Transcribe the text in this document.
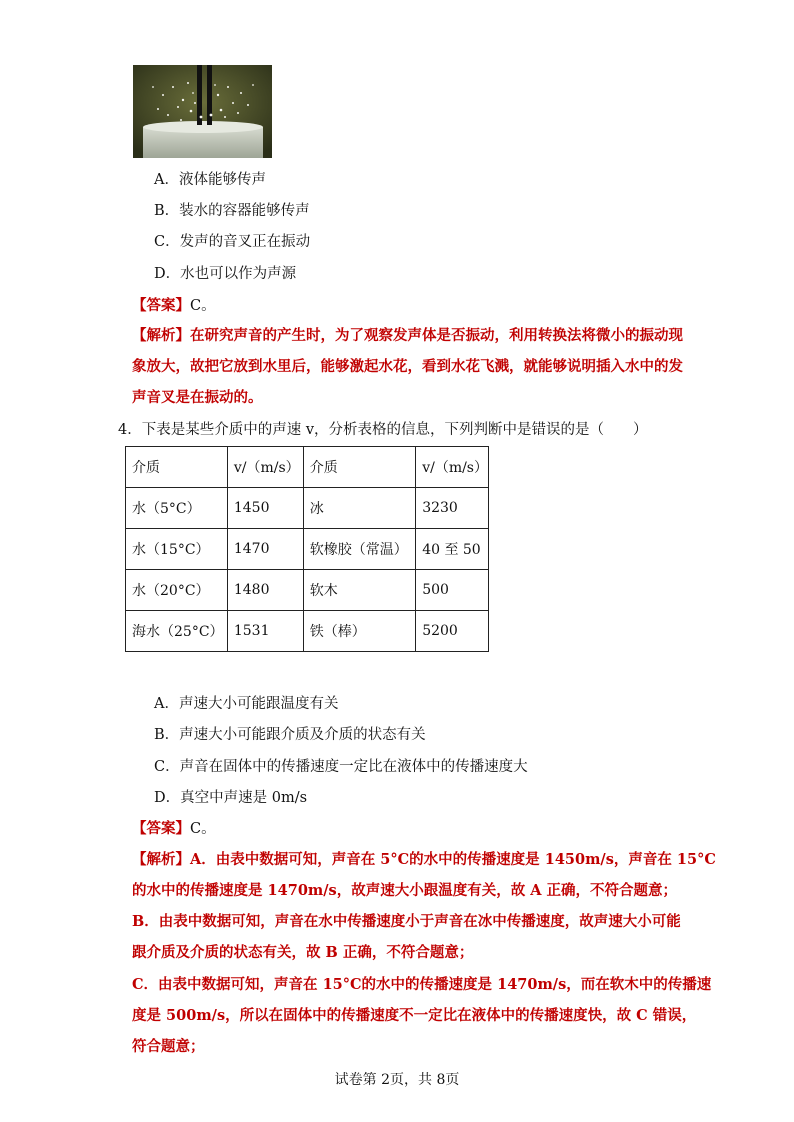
A．液体能够传声
B．装水的容器能够传声
C．发声的音叉正在振动
D．水也可以作为声源
【答案】C。
【解析】在研究声音的产生时，为了观察发声体是否振动，利用转换法将微小的振动现
象放大，故把它放到水里后，能够激起水花，看到水花飞溅，就能够说明插入水中的发
声音叉是在振动的。
4．下表是某些介质中的声速 v，分析表格的信息，下列判断中是错误的是（　　）
介质	v/（m/s）	介质	v/（m/s）
水（5°C）	1450	冰	3230
水（15°C）	1470	软橡胶（常温）	40 至 50
水（20°C）	1480	软木	500
海水（25°C）	1531	铁（棒）	5200
A．声速大小可能跟温度有关
B．声速大小可能跟介质及介质的状态有关
C．声音在固体中的传播速度一定比在液体中的传播速度大
D．真空中声速是 0m/s
【答案】C。
【解析】A．由表中数据可知，声音在 5°C的水中的传播速度是 1450m/s，声音在 15°C
的水中的传播速度是 1470m/s，故声速大小跟温度有关，故 A 正确，不符合题意；
B．由表中数据可知，声音在水中传播速度小于声音在冰中传播速度，故声速大小可能
跟介质及介质的状态有关，故 B 正确，不符合题意；
C．由表中数据可知，声音在 15°C的水中的传播速度是 1470m/s，而在软木中的传播速
度是 500m/s，所以在固体中的传播速度不一定比在液体中的传播速度快，故 C 错误，
符合题意；
试卷第 2页，共 8页
